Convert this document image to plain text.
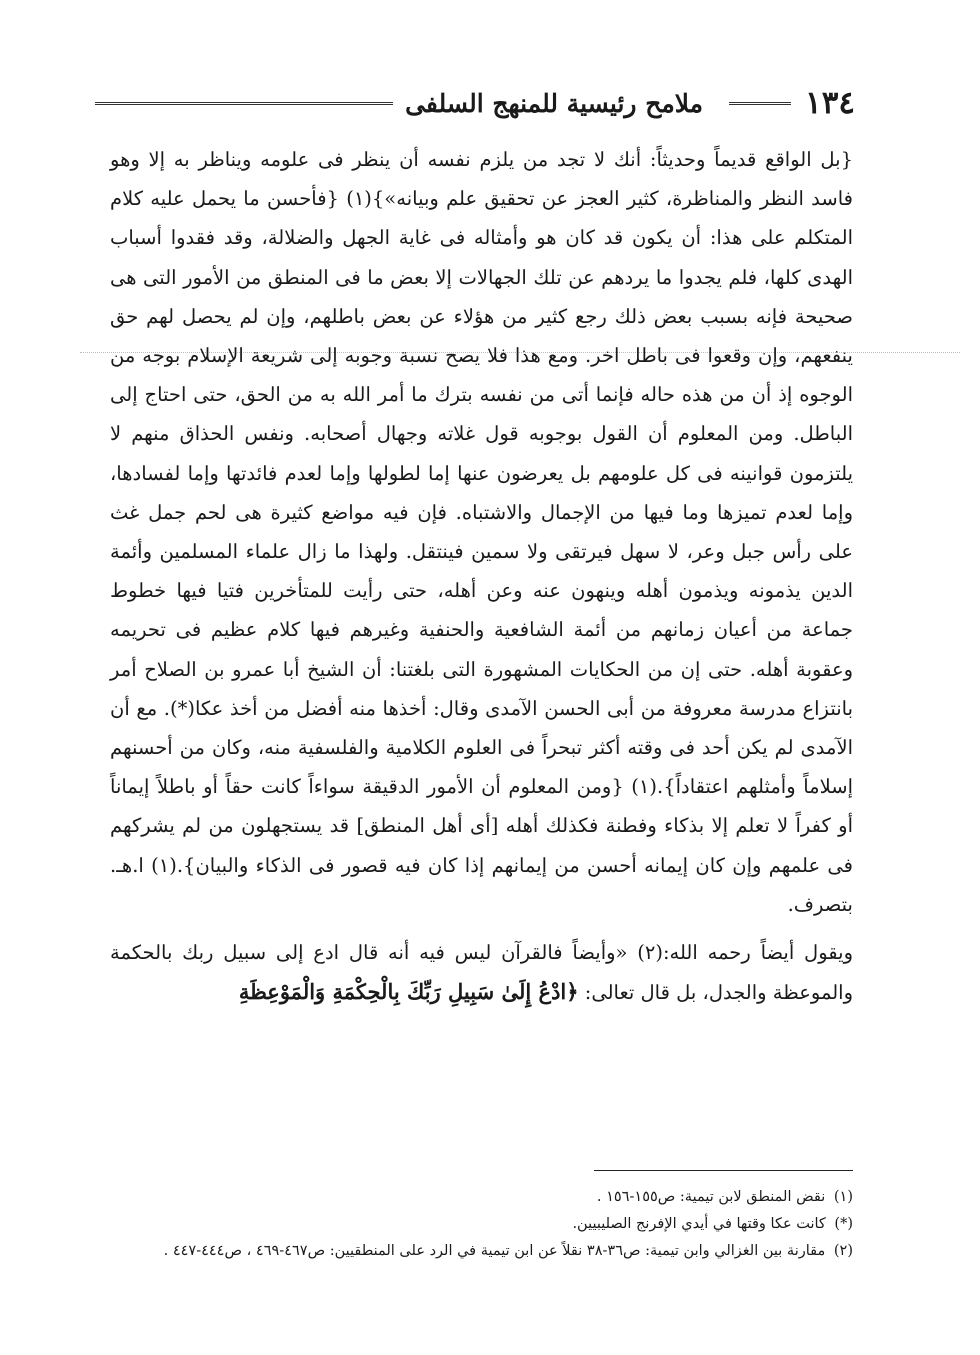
١٣٤
ملامح رئيسية للمنهج السلفى

{بل الواقع قديماً وحديثاً: أنك لا تجد من يلزم نفسه أن ينظر فى علومه ويناظر به إلا وهو فاسد النظر والمناظرة، كثير العجز عن تحقيق علم وبيانه»}(١) {فأحسن ما يحمل عليه كلام المتكلم على هذا: أن يكون قد كان هو وأمثاله فى غاية الجهل والضلالة، وقد فقدوا أسباب الهدى كلها، فلم يجدوا ما يردهم عن تلك الجهالات إلا بعض ما فى المنطق من الأمور التى هى صحيحة فإنه بسبب بعض ذلك رجع كثير من هؤلاء عن بعض باطلهم، وإن لم يحصل لهم حق ينفعهم، وإن وقعوا فى باطل اخر. ومع هذا فلا يصح نسبة وجوبه إلى شريعة الإسلام بوجه من الوجوه إذ أن من هذه حاله فإنما أتى من نفسه بترك ما أمر الله به من الحق، حتى احتاج إلى الباطل. ومن المعلوم أن القول بوجوبه قول غلاته وجهال أصحابه. ونفس الحذاق منهم لا يلتزمون قوانينه فى كل علومهم بل يعرضون عنها إما لطولها وإما لعدم فائدتها وإما لفسادها، وإما لعدم تميزها وما فيها من الإجمال والاشتباه. فإن فيه مواضع كثيرة هى لحم جمل غث على رأس جبل وعر، لا سهل فيرتقى ولا سمين فينتقل. ولهذا ما زال علماء المسلمين وأئمة الدين يذمونه ويذمون أهله وينهون عنه وعن أهله، حتى رأيت للمتأخرين فتيا فيها خطوط جماعة من أعيان زمانهم من أئمة الشافعية والحنفية وغيرهم فيها كلام عظيم فى تحريمه وعقوبة أهله. حتى إن من الحكايات المشهورة التى بلغتنا: أن الشيخ أبا عمرو بن الصلاح أمر بانتزاع مدرسة معروفة من أبى الحسن الآمدى وقال: أخذها منه أفضل من أخذ عكا(*). مع أن الآمدى لم يكن أحد فى وقته أكثر تبحراً فى العلوم الكلامية والفلسفية منه، وكان من أحسنهم إسلاماً وأمثلهم اعتقاداً}.(١) {ومن المعلوم أن الأمور الدقيقة سواءاً كانت حقاً أو باطلاً إيماناً أو كفراً لا تعلم إلا بذكاء وفطنة فكذلك أهله [أى أهل المنطق] قد يستجهلون من لم يشركهم فى علمهم وإن كان إيمانه أحسن من إيمانهم إذا كان فيه قصور فى الذكاء والبيان}.(١) ا.هـ. بتصرف.

ويقول أيضاً رحمه الله:(٢) «وأيضاً فالقرآن ليس فيه أنه قال ادع إلى سبيل ربك بالحكمة والموعظة والجدل، بل قال تعالى: ﴿ادْعُ إِلَىٰ سَبِيلِ رَبِّكَ بِالْحِكْمَةِ وَالْمَوْعِظَةِ

(١) نقض المنطق لابن تيمية: ص١٥٥-١٥٦ .

(*) كانت عكا وقتها في أيدي الإفرنج الصليبيين.

(٢) مقارنة بين الغزالي وابن تيمية: ص٣٦-٣٨ نقلاً عن ابن تيمية في الرد على المنطقيين: ص٤٦٧-٤٦٩ ، ص٤٤٤-٤٤٧ .
